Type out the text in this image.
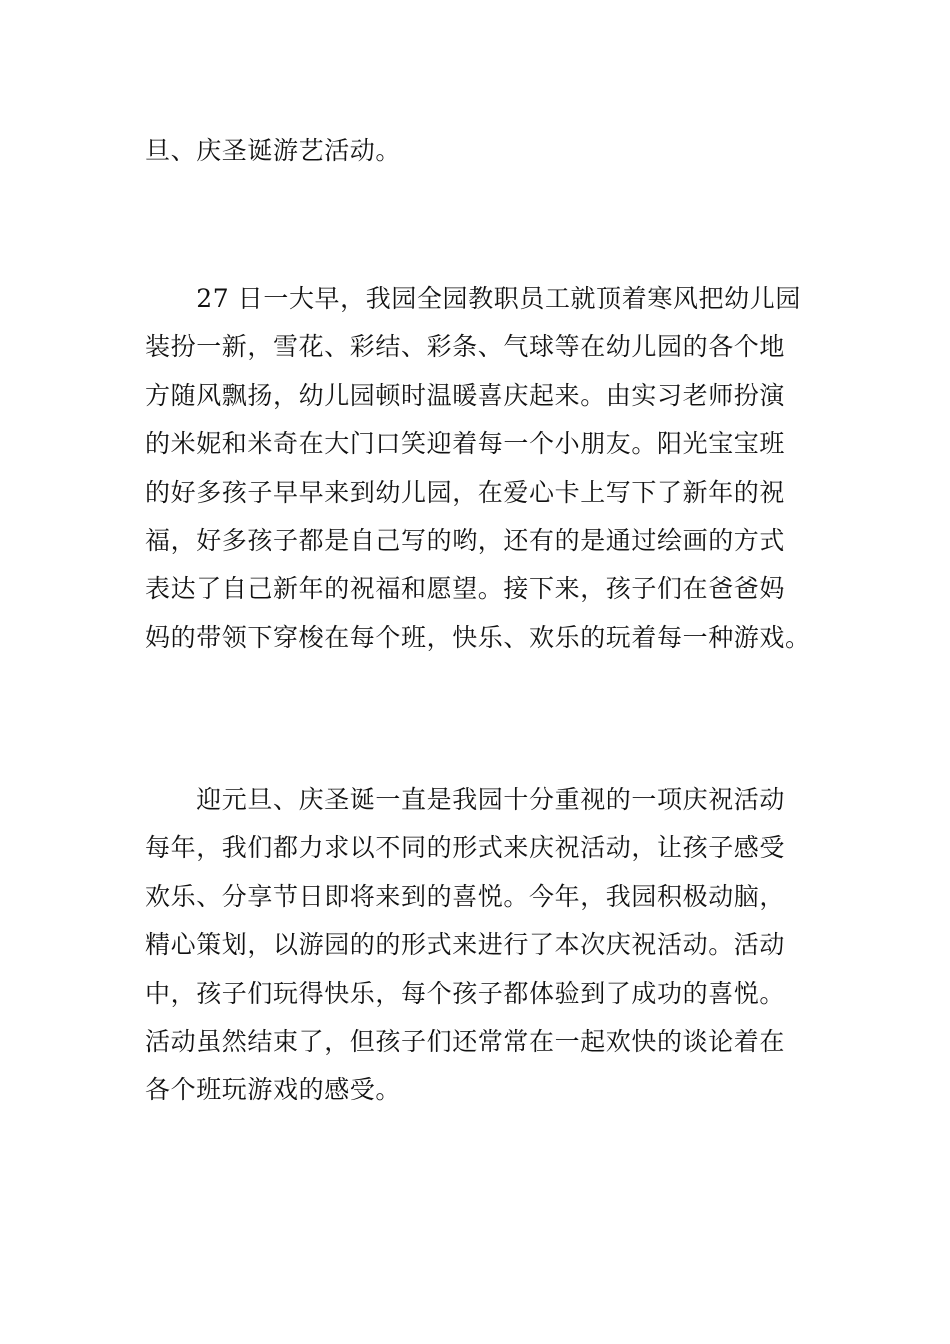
旦、庆圣诞游艺活动。

　　27 日一大早，我园全园教职员工就顶着寒风把幼儿园
装扮一新，雪花、彩结、彩条、气球等在幼儿园的各个地
方随风飘扬，幼儿园顿时温暖喜庆起来。由实习老师扮演
的米妮和米奇在大门口笑迎着每一个小朋友。阳光宝宝班
的好多孩子早早来到幼儿园，在爱心卡上写下了新年的祝
福，好多孩子都是自己写的哟，还有的是通过绘画的方式
表达了自己新年的祝福和愿望。接下来，孩子们在爸爸妈
妈的带领下穿梭在每个班，快乐、欢乐的玩着每一种游戏。

　　迎元旦、庆圣诞一直是我园十分重视的一项庆祝活动
每年，我们都力求以不同的形式来庆祝活动，让孩子感受
欢乐、分享节日即将来到的喜悦。今年，我园积极动脑，
精心策划，以游园的的形式来进行了本次庆祝活动。活动
中，孩子们玩得快乐，每个孩子都体验到了成功的喜悦。
活动虽然结束了，但孩子们还常常在一起欢快的谈论着在
各个班玩游戏的感受。
